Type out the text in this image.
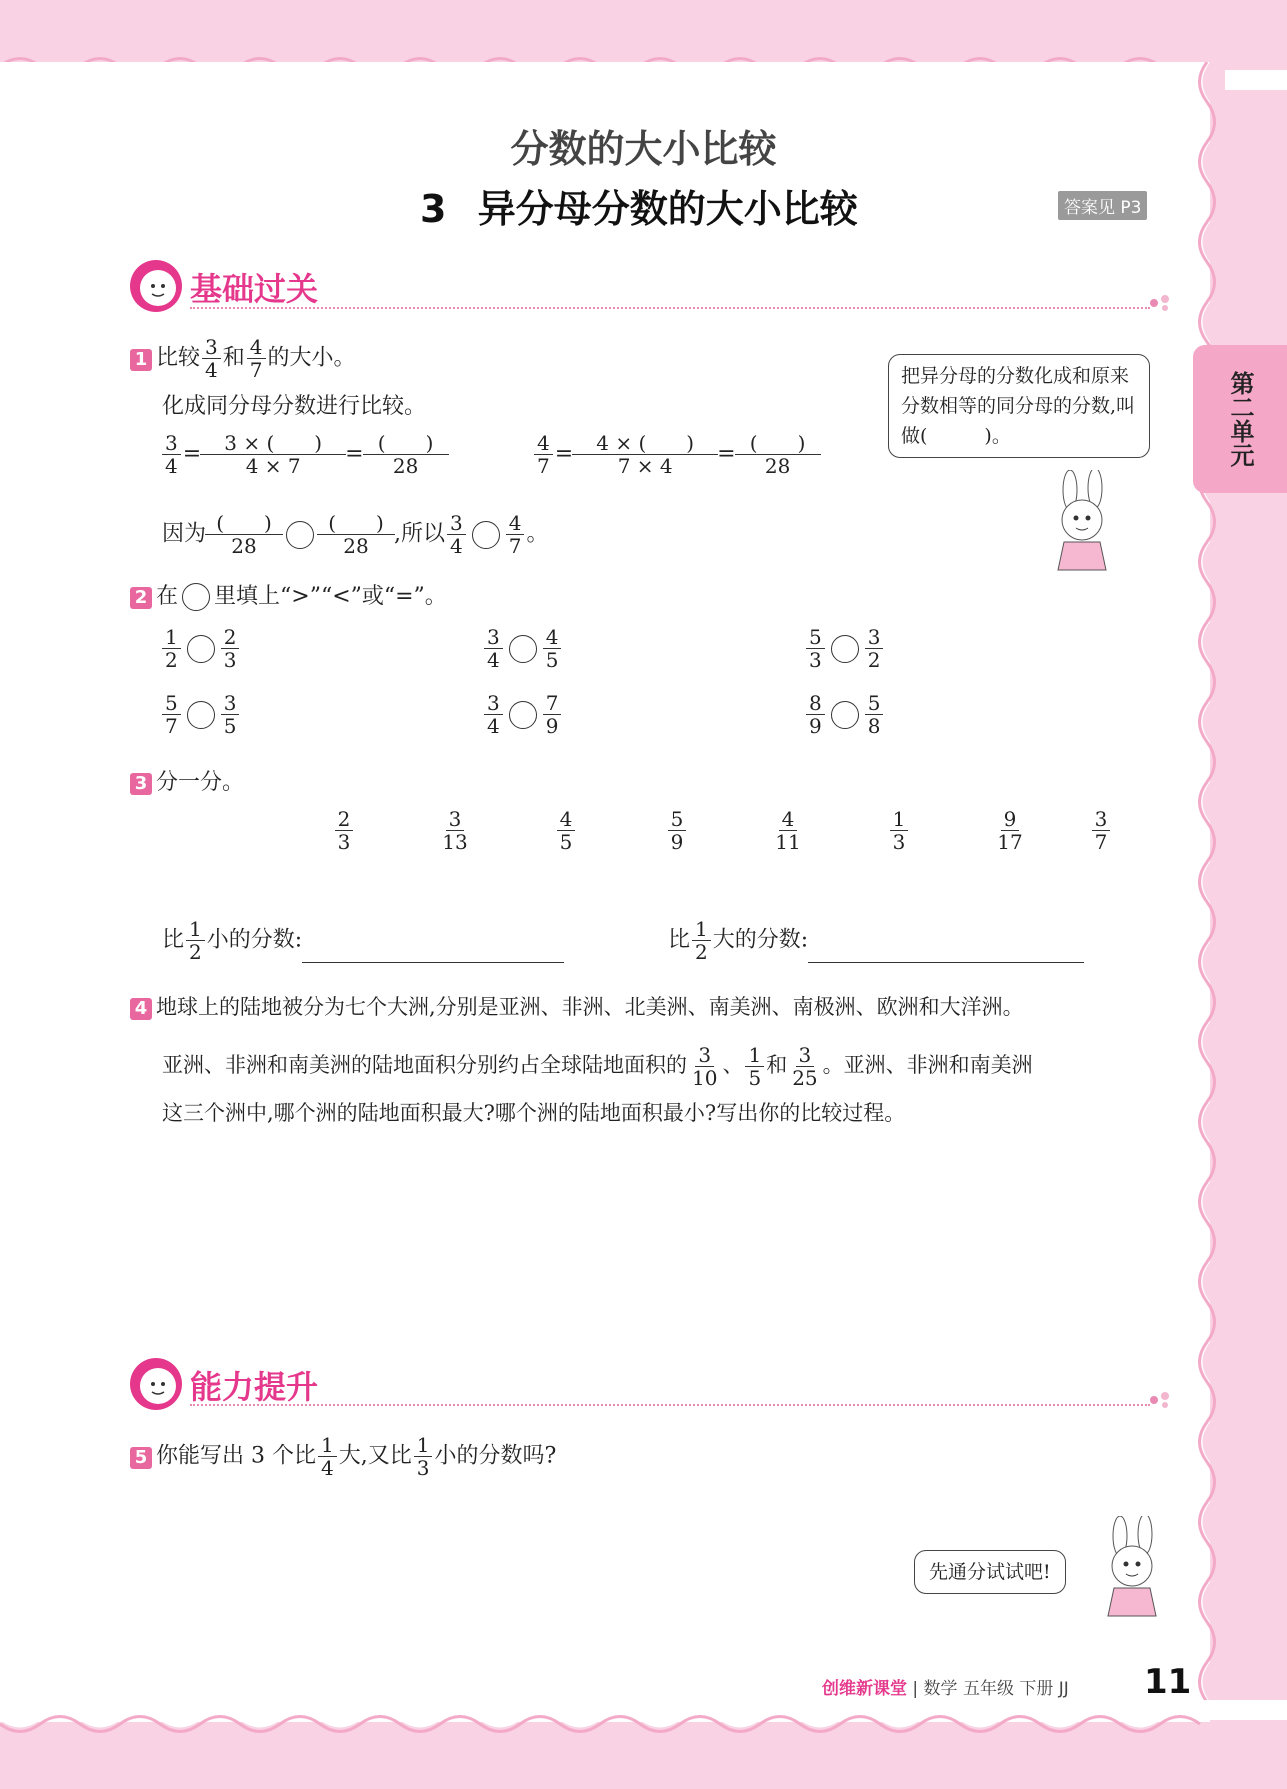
第二单元
分数的大小比较
3 异分母分数的大小比较	答案见 P3
基础过关
1 比较 $\frac{3}{4}$ 和 $\frac{4}{7}$ 的大小。
化成同分母分数进行比较。
$\frac{3}{4} = \frac{3 \times ( )}{4 \times 7} = \frac{( )}{28}$	$\frac{4}{7} = \frac{4 \times ( )}{7 \times 4} = \frac{( )}{28}$
因为 $\frac{( )}{28} \frac{( )}{28}$ ,所以 $\frac{3}{4} \frac{4}{7}$ 。
把异分母的分数化成和原来分数相等的同分母的分数,叫做(　　　)。
2 在 里填上“>”“<”或“=”。
$\frac{1}{2} \frac{2}{3}$	$\frac{3}{4} \frac{4}{5}$	$\frac{5}{3} \frac{3}{2}$
$\frac{5}{7} \frac{3}{5}$	$\frac{3}{4} \frac{7}{9}$	$\frac{8}{9} \frac{5}{8}$
3 分一分。
$\frac{2}{3}$
$\frac{3}{13}$
$\frac{4}{5}$
$\frac{5}{9}$
$\frac{4}{11}$
$\frac{1}{3}$
$\frac{9}{17}$
$\frac{3}{7}$
比 $\frac{1}{2}$ 小的分数:	比 $\frac{1}{2}$ 大的分数:
4 地球上的陆地被分为七个大洲,分别是亚洲、非洲、北美洲、南美洲、南极洲、欧洲和大洋洲。
亚洲、非洲和南美洲的陆地面积分别约占全球陆地面积的 $\frac{3}{10}$ 、 $\frac{1}{5}$ 和 $\frac{3}{25}$ 。亚洲、非洲和南美洲
这三个洲中,哪个洲的陆地面积最大?哪个洲的陆地面积最小?写出你的比较过程。
能力提升
5 你能写出 3 个比 $\frac{1}{4}$ 大,又比 $\frac{1}{3}$ 小的分数吗?
先通分试试吧!
创维新课堂 | 数学 五年级 下册 JJ 11
